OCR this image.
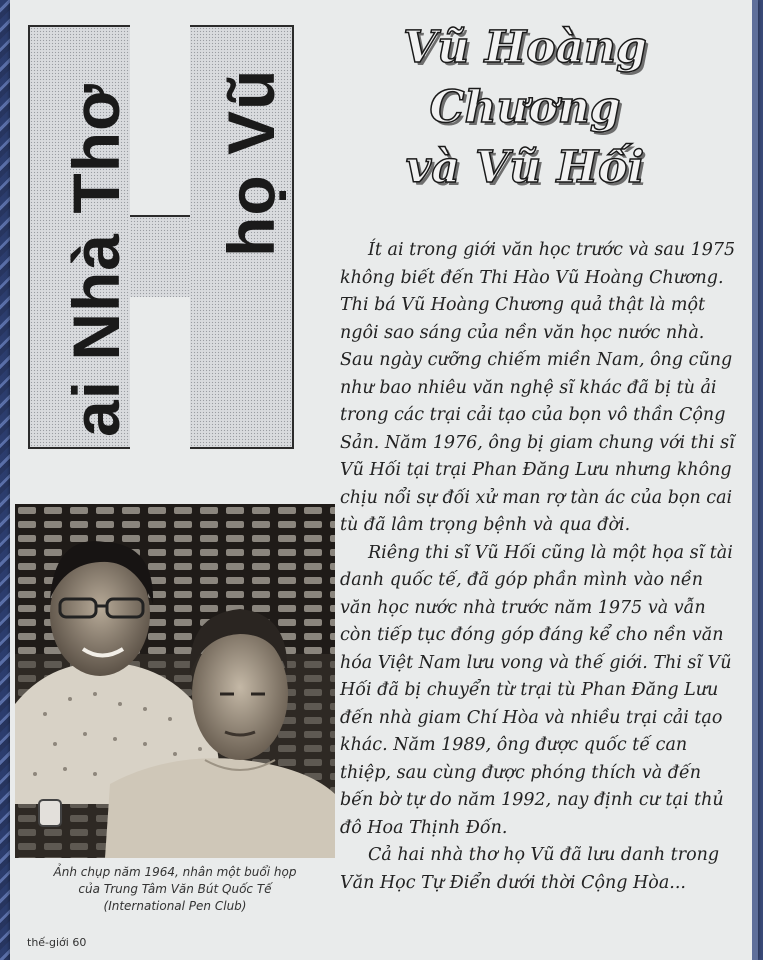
ai Nhà Thơ họ Vũ
Vũ Hoàng Chương
và Vũ Hối

Ít ai trong giới văn học trước và sau 1975 không biết đến Thi Hào Vũ Hoàng Chương. Thi bá Vũ Hoàng Chương quả thật là một ngôi sao sáng của nền văn học nước nhà. Sau ngày cưỡng chiếm miền Nam, ông cũng như bao nhiêu văn nghệ sĩ khác đã bị tù ải trong các trại cải tạo của bọn vô thần Cộng Sản. Năm 1976, ông bị giam chung với thi sĩ Vũ Hối tại trại Phan Đăng Lưu nhưng không chịu nổi sự đối xử man rợ tàn ác của bọn cai tù đã lâm trọng bệnh và qua đời.

Riêng thi sĩ Vũ Hối cũng là một họa sĩ tài danh quốc tế, đã góp phần mình vào nền văn học nước nhà trước năm 1975 và vẫn còn tiếp tục đóng góp đáng kể cho nền văn hóa Việt Nam lưu vong và thế giới. Thi sĩ Vũ Hối đã bị chuyển từ trại tù Phan Đăng Lưu đến nhà giam Chí Hòa và nhiều trại cải tạo khác. Năm 1989, ông được quốc tế can thiệp, sau cùng được phóng thích và đến bến bờ tự do năm 1992, nay định cư tại thủ đô Hoa Thịnh Đốn.

Cả hai nhà thơ họ Vũ đã lưu danh trong Văn Học Tự Điển dưới thời Cộng Hòa...

Ảnh chụp năm 1964, nhân một buổi họp
của Trung Tâm Văn Bút Quốc Tế
(International Pen Club)
thế-giới 60
